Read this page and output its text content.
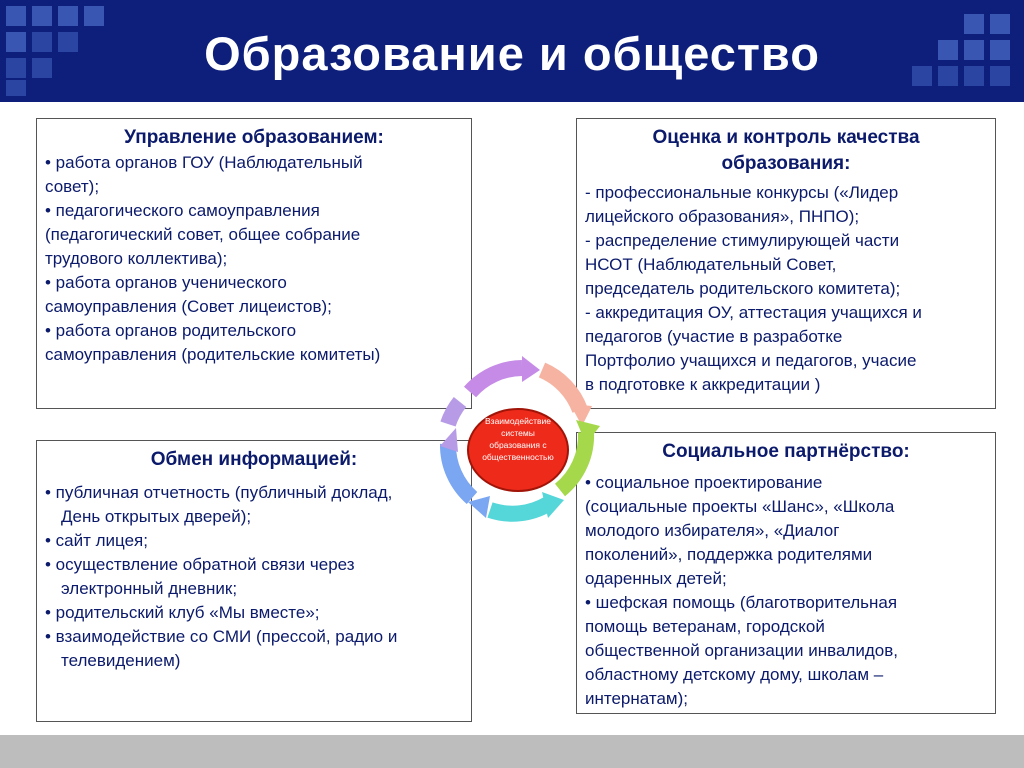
Образование и общество
Управление образованием:
• работа органов ГОУ (Наблюдательный
совет);
• педагогического самоуправления
(педагогический совет, общее собрание
трудового коллектива);
• работа органов ученического
самоуправления (Совет лицеистов);
• работа органов родительского
самоуправления (родительские комитеты)
Оценка и контроль качества
образования:
- профессиональные конкурсы («Лидер
лицейского образования», ПНПО);
- распределение стимулирующей части
НСОТ (Наблюдательный Совет,
председатель родительского комитета);
- аккредитация ОУ, аттестация учащихся и
педагогов (участие в разработке
Портфолио учащихся и педагогов, учасие
в подготовке к аккредитации )
Обмен информацией:
• публичная отчетность (публичный доклад,
День открытых дверей);
• сайт лицея;
• осуществление обратной связи через
электронный дневник;
• родительский клуб «Мы вместе»;
• взаимодействие со СМИ (прессой, радио и
телевидением)
Социальное партнёрство:
• социальное проектирование
(социальные проекты «Шанс», «Школа
молодого избирателя», «Диалог
поколений», поддержка родителями
одаренных детей;
• шефская помощь (благотворительная
помощь ветеранам, городской
общественной организации инвалидов,
областному детскому дому, школам –
интернатам);
Взаимодействие
системы
образования с
общественностью
